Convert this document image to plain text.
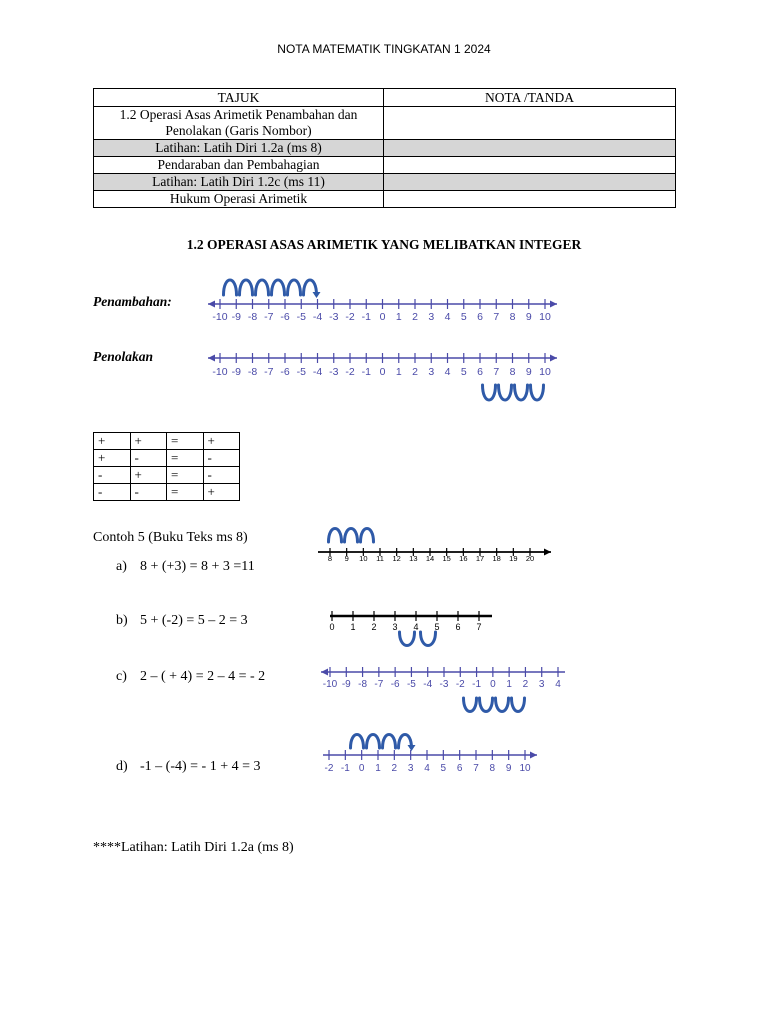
NOTA MATEMATIK TINGKATAN 1 2024
TAJUK	NOTA /TANDA
1.2 Operasi Asas Arimetik Penambahan dan Penolakan (Garis Nombor)	
Latihan: Latih Diri 1.2a (ms 8)	
Pendaraban dan Pembahagian	
Latihan: Latih Diri 1.2c (ms 11)	
Hukum Operasi Arimetik	
1.2 OPERASI ASAS ARIMETIK YANG MELIBATKAN INTEGER
Penambahan:
Penolakan
-10 -9 -8 -7 -6 -5 -4 -3 -2 -1 0 1 2 3 4 5 6 7 8 9 10
-10 -9 -8 -7 -6 -5 -4 -3 -2 -1 0 1 2 3 4 5 6 7 8 9 10
+	+	=	+
+	-	=	-
-	+	=	-
-	-	=	+
Contoh 5 (Buku Teks ms 8)
a) 8 + (+3) = 8 + 3 =11
b) 5 + (-2) = 5 – 2 = 3
c) 2 – ( + 4) = 2 – 4 = - 2
d) -1 – (-4) = - 1 + 4 = 3
8 9 10 11 12 13 14 15 16 17 18 19 20
0 1 2 3 4 5 6 7
-10 -9 -8 -7 -6 -5 -4 -3 -2 -1 0 1 2 3 4
-2 -1 0 1 2 3 4 5 6 7 8 9 10
****Latihan: Latih Diri 1.2a (ms 8)
